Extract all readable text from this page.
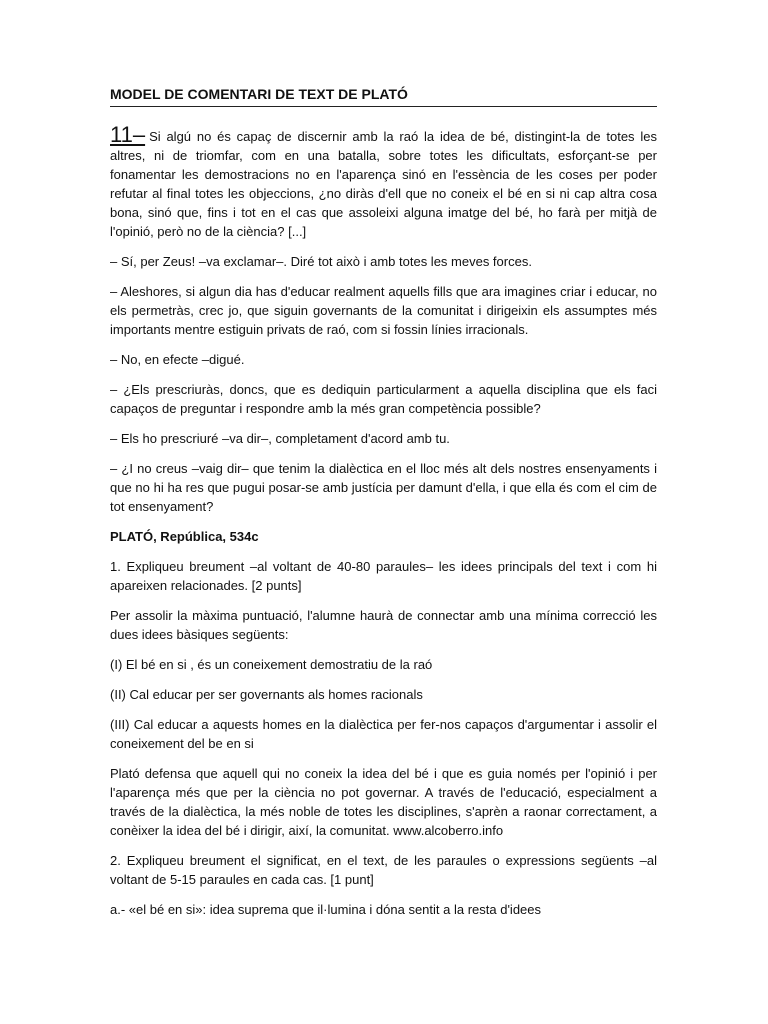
MODEL DE COMENTARI DE TEXT DE PLATÓ

11– Si algú no és capaç de discernir amb la raó la idea de bé, distingint-la de totes les altres, ni de triomfar, com en una batalla, sobre totes les dificultats, esforçant-se per fonamentar les demostracions no en l'aparença sinó en l'essència de les coses per poder refutar al final totes les objeccions, ¿no diràs d'ell que no coneix el bé en si ni cap altra cosa bona, sinó que, fins i tot en el cas que assoleixi alguna imatge del bé, ho farà per mitjà de l'opinió, però no de la ciència? [...]

– Sí, per Zeus! –va exclamar–. Diré tot això i amb totes les meves forces.

– Aleshores, si algun dia has d'educar realment aquells fills que ara imagines criar i educar, no els permetràs, crec jo, que siguin governants de la comunitat i dirigeixin els assumptes més importants mentre estiguin privats de raó, com si fossin línies irracionals.

– No, en efecte –digué.

– ¿Els prescriuràs, doncs, que es dediquin particularment a aquella disciplina que els faci capaços de preguntar i respondre amb la més gran competència possible?

– Els ho prescriuré –va dir–, completament d'acord amb tu.

– ¿I no creus –vaig dir– que tenim la dialèctica en el lloc més alt dels nostres ensenyaments i que no hi ha res que pugui posar-se amb justícia per damunt d'ella, i que ella és com el cim de tot ensenyament?

PLATÓ, República, 534c

1. Expliqueu breument –al voltant de 40-80 paraules– les idees principals del text i com hi apareixen relacionades. [2 punts]

Per assolir la màxima puntuació, l'alumne haurà de connectar amb una mínima correcció les dues idees bàsiques següents:

(I) El bé en si , és un coneixement demostratiu de la raó

(II) Cal educar per ser governants als homes racionals

(III) Cal educar a aquests homes en la dialèctica per fer-nos capaços d'argumentar i assolir el coneixement del be en si

Plató defensa que aquell qui no coneix la idea del bé i que es guia només per l'opinió i per l'aparença més que per la ciència no pot governar. A través de l'educació, especialment a través de la dialèctica, la més noble de totes les disciplines, s'aprèn a raonar correctament, a conèixer la idea del bé i dirigir, així, la comunitat. www.alcoberro.info

2. Expliqueu breument el significat, en el text, de les paraules o expressions següents –al voltant de 5-15 paraules en cada cas. [1 punt]

a.- «el bé en si»: idea suprema que il·lumina i dóna sentit a la resta d'idees
